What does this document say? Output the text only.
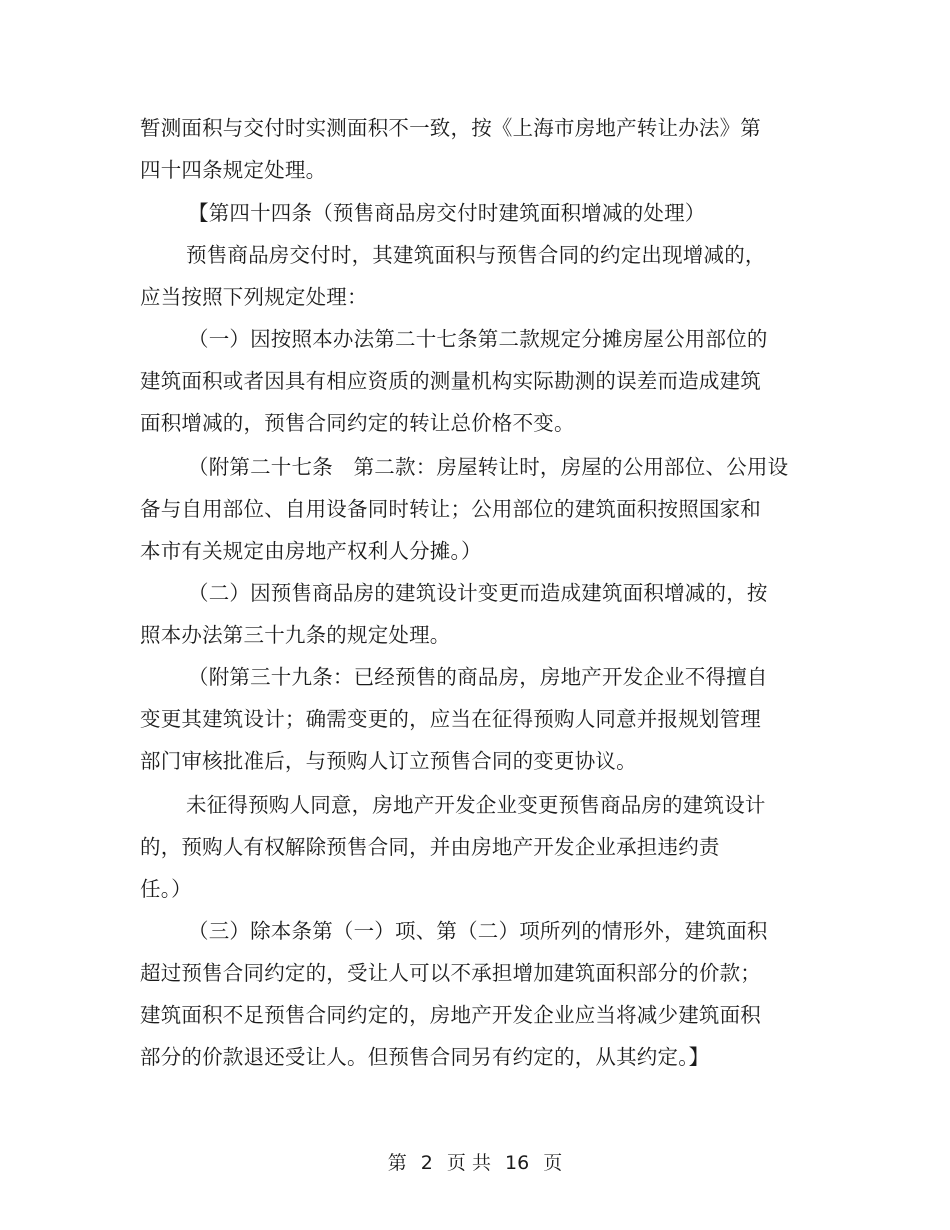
暂测面积与交付时实测面积不一致，按《上海市房地产转让办法》第
四十四条规定处理。
【第四十四条（预售商品房交付时建筑面积增减的处理）
预售商品房交付时，其建筑面积与预售合同的约定出现增减的，
应当按照下列规定处理：
（一）因按照本办法第二十七条第二款规定分摊房屋公用部位的
建筑面积或者因具有相应资质的测量机构实际勘测的误差而造成建筑
面积增减的，预售合同约定的转让总价格不变。
（附第二十七条　第二款：房屋转让时，房屋的公用部位、公用设
备与自用部位、自用设备同时转让；公用部位的建筑面积按照国家和
本市有关规定由房地产权利人分摊。）
（二）因预售商品房的建筑设计变更而造成建筑面积增减的，按
照本办法第三十九条的规定处理。
（附第三十九条：已经预售的商品房，房地产开发企业不得擅自
变更其建筑设计；确需变更的，应当在征得预购人同意并报规划管理
部门审核批准后，与预购人订立预售合同的变更协议。
未征得预购人同意，房地产开发企业变更预售商品房的建筑设计
的，预购人有权解除预售合同，并由房地产开发企业承担违约责
任。）
（三）除本条第（一）项、第（二）项所列的情形外，建筑面积
超过预售合同约定的，受让人可以不承担增加建筑面积部分的价款；
建筑面积不足预售合同约定的，房地产开发企业应当将减少建筑面积
部分的价款退还受让人。但预售合同另有约定的，从其约定。】
第 2 页 共 16 页
